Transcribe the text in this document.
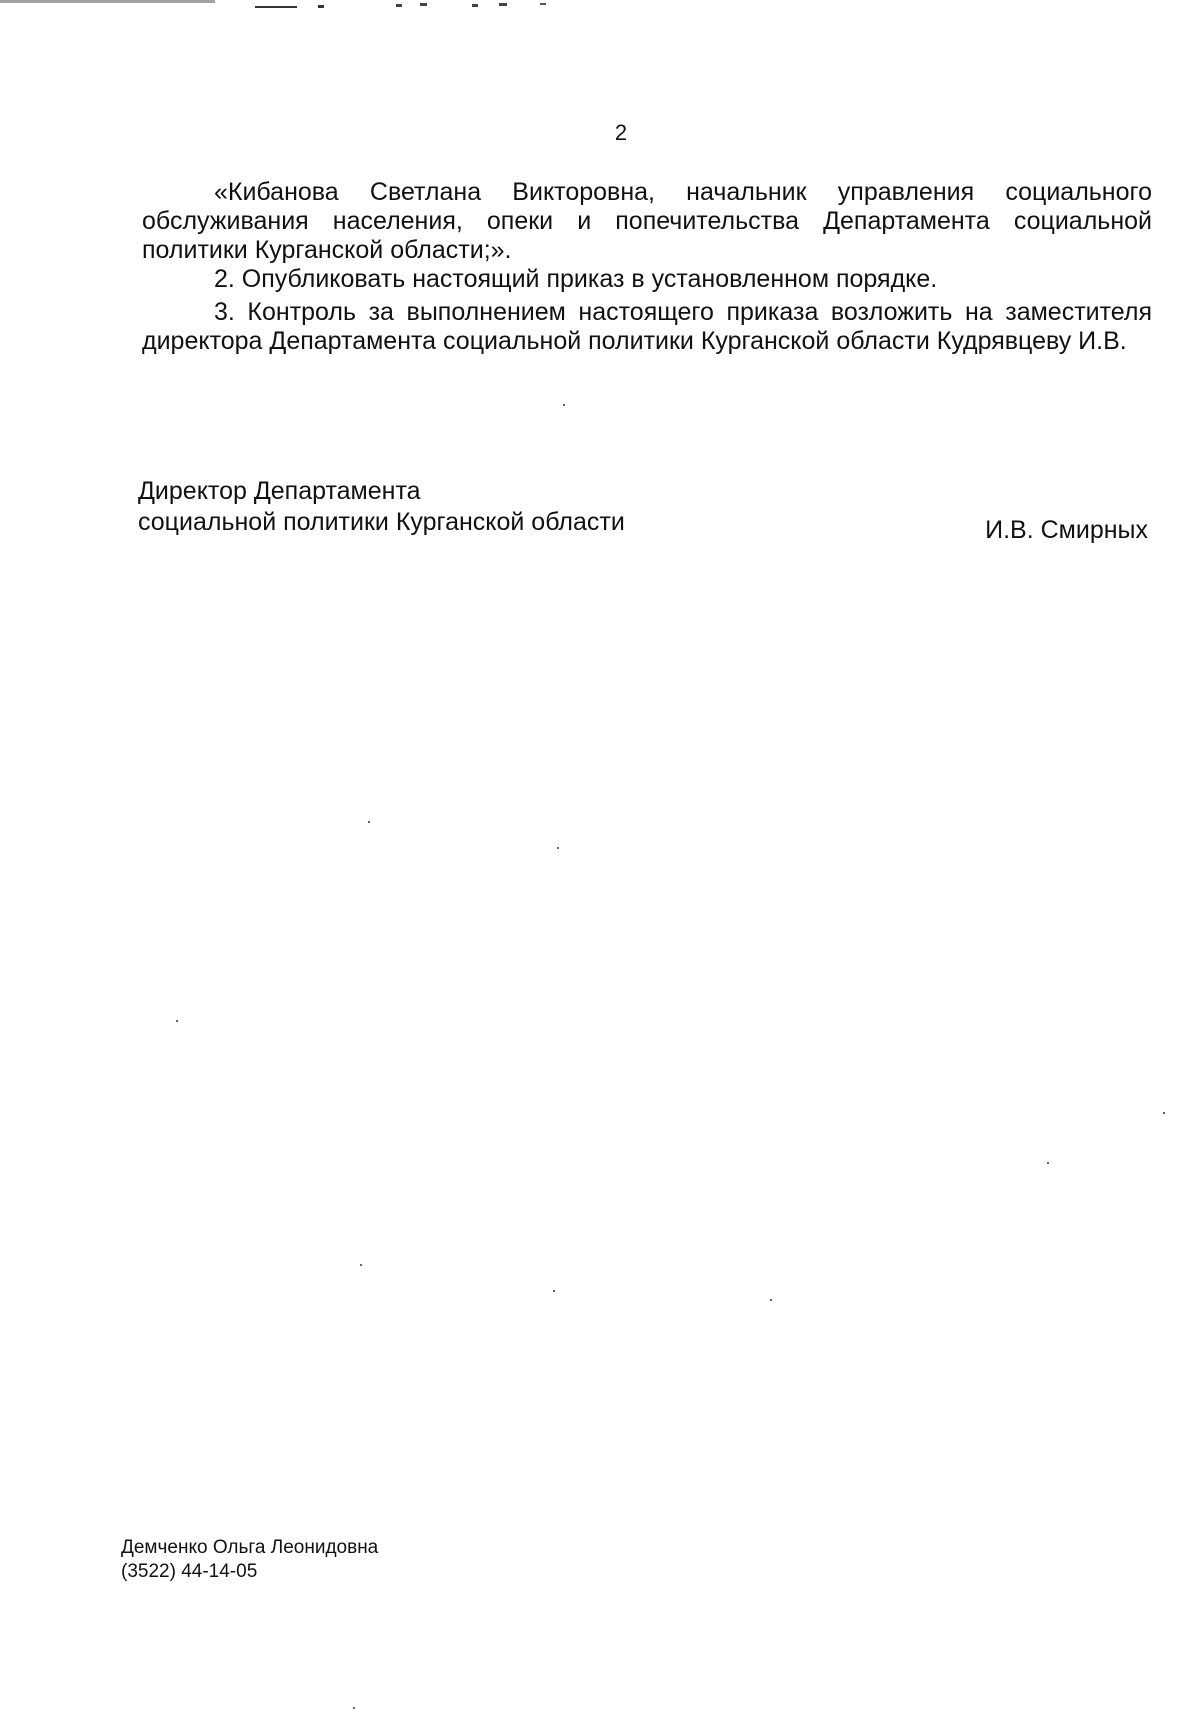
2

«Кибанова Светлана Викторовна, начальник управления социального обслуживания населения, опеки и попечительства Департамента социальной политики Курганской области;».

2. Опубликовать настоящий приказ в установленном порядке.

3. Контроль за выполнением настоящего приказа возложить на заместителя директора Департамента социальной политики Курганской области Кудрявцеву И.В.

Директор Департамента
социальной политики Курганской области	И.В. Смирных
Демченко Ольга Леонидовна
(3522) 44-14-05
